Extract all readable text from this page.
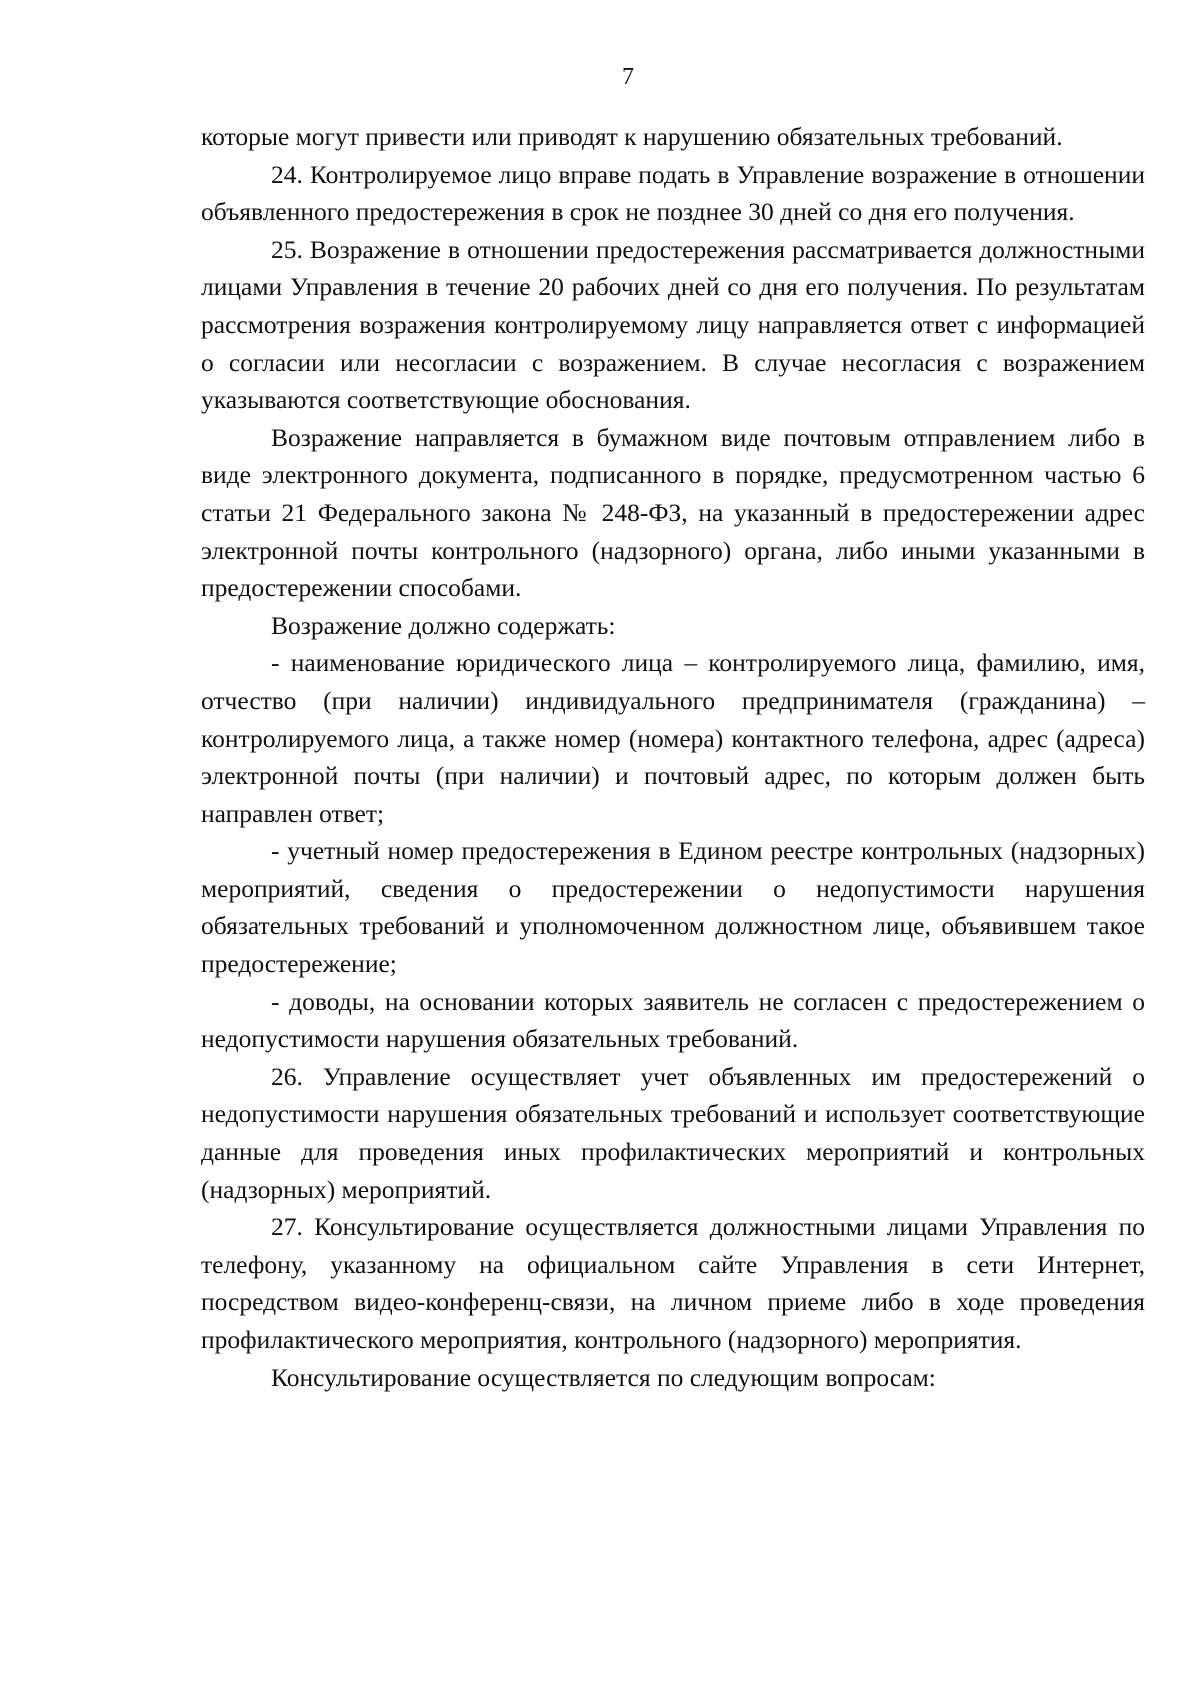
7

которые могут привести или приводят к нарушению обязательных требований.

24. Контролируемое лицо вправе подать в Управление возражение в отношении объявленного предостережения в срок не позднее 30 дней со дня его получения.

25. Возражение в отношении предостережения рассматривается должностными лицами Управления в течение 20 рабочих дней со дня его получения. По результатам рассмотрения возражения контролируемому лицу направляется ответ с информацией о согласии или несогласии с возражением. В случае несогласия с возражением указываются соответствующие обоснования.

Возражение направляется в бумажном виде почтовым отправлением либо в виде электронного документа, подписанного в порядке, предусмотренном частью 6 статьи 21 Федерального закона № 248-ФЗ, на указанный в предостережении адрес электронной почты контрольного (надзорного) органа, либо иными указанными в предостережении способами.

Возражение должно содержать:

- наименование юридического лица – контролируемого лица, фамилию, имя, отчество (при наличии) индивидуального предпринимателя (гражданина) – контролируемого лица, а также номер (номера) контактного телефона, адрес (адреса) электронной почты (при наличии) и почтовый адрес, по которым должен быть направлен ответ;

- учетный номер предостережения в Едином реестре контрольных (надзорных) мероприятий, сведения о предостережении о недопустимости нарушения обязательных требований и уполномоченном должностном лице, объявившем такое предостережение;

- доводы, на основании которых заявитель не согласен с предостережением о недопустимости нарушения обязательных требований.

26. Управление осуществляет учет объявленных им предостережений о недопустимости нарушения обязательных требований и использует соответствующие данные для проведения иных профилактических мероприятий и контрольных (надзорных) мероприятий.

27. Консультирование осуществляется должностными лицами Управления по телефону, указанному на официальном сайте Управления в сети Интернет, посредством видео-конференц-связи, на личном приеме либо в ходе проведения профилактического мероприятия, контрольного (надзорного) мероприятия.

Консультирование осуществляется по следующим вопросам:
